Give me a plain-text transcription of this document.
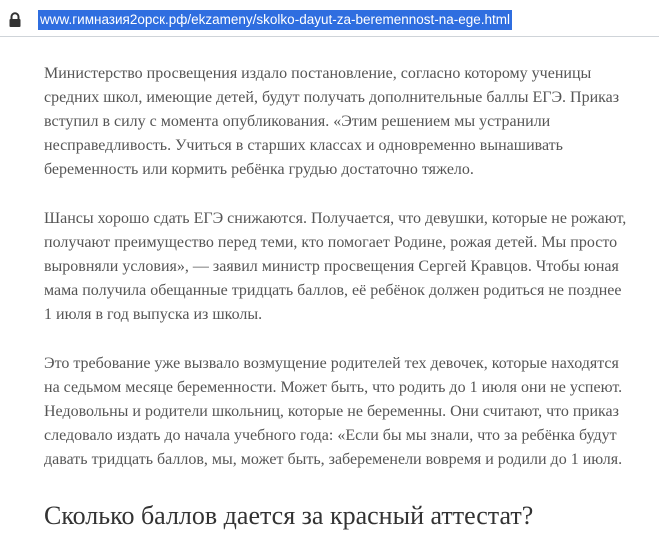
www.гимназия2орск.рф/ekzameny/skolko-dayut-za-beremennost-na-ege.html

Министерство просвещения издало постановление, согласно которому ученицы средних школ, имеющие детей, будут получать дополнительные баллы ЕГЭ. Приказ вступил в силу с момента опубликования. «Этим решением мы устранили несправедливость. Учиться в старших классах и одновременно вынашивать беременность или кормить ребёнка грудью достаточно тяжело.

Шансы хорошо сдать ЕГЭ снижаются. Получается, что девушки, которые не рожают, получают преимущество перед теми, кто помогает Родине, рожая детей. Мы просто выровняли условия», — заявил министр просвещения Сергей Кравцов. Чтобы юная мама получила обещанные тридцать баллов, её ребёнок должен родиться не позднее 1 июля в год выпуска из школы.

Это требование уже вызвало возмущение родителей тех девочек, которые находятся на седьмом месяце беременности. Может быть, что родить до 1 июля они не успеют. Недовольны и родители школьниц, которые не беременны. Они считают, что приказ следовало издать до начала учебного года: «Если бы мы знали, что за ребёнка будут давать тридцать баллов, мы, может быть, забеременели вовремя и родили до 1 июля.

Сколько баллов дается за красный аттестат?
